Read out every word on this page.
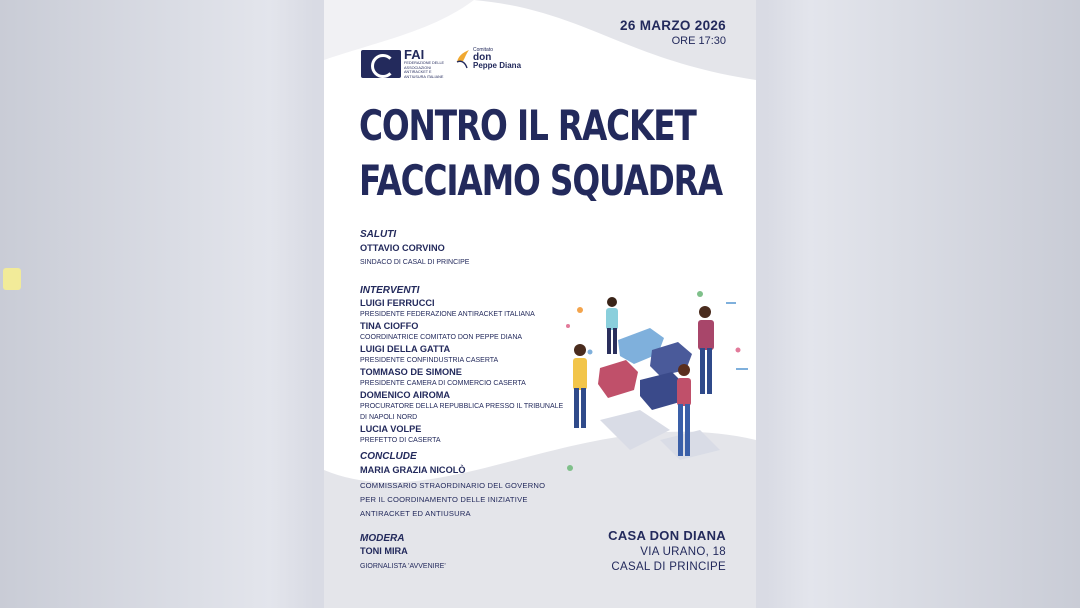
26 MARZO 2026
ORE 17:30
FAI
FEDERAZIONE DELLE ASSOCIAZIONI ANTIRACKET E ANTIUSURA ITALIANE
Comitato
don
Peppe Diana
CONTRO IL RACKET
FACCIAMO SQUADRA
SALUTI
OTTAVIO CORVINO
SINDACO DI CASAL DI PRINCIPE
INTERVENTI
LUIGI FERRUCCI
PRESIDENTE FEDERAZIONE ANTIRACKET ITALIANA
TINA CIOFFO
COORDINATRICE COMITATO DON PEPPE DIANA
LUIGI DELLA GATTA
PRESIDENTE CONFINDUSTRIA CASERTA
TOMMASO DE SIMONE
PRESIDENTE CAMERA DI COMMERCIO CASERTA
DOMENICO AIROMA
PROCURATORE DELLA REPUBBLICA PRESSO IL TRIBUNALE
DI NAPOLI NORD
LUCIA VOLPE
PREFETTO DI CASERTA
CONCLUDE
MARIA GRAZIA NICOLÒ
COMMISSARIO STRAORDINARIO DEL GOVERNO
PER IL COORDINAMENTO DELLE INIZIATIVE
ANTIRACKET ED ANTIUSURA
MODERA
TONI MIRA
GIORNALISTA 'AVVENIRE'
CASA DON DIANA
VIA URANO, 18
CASAL DI PRINCIPE
